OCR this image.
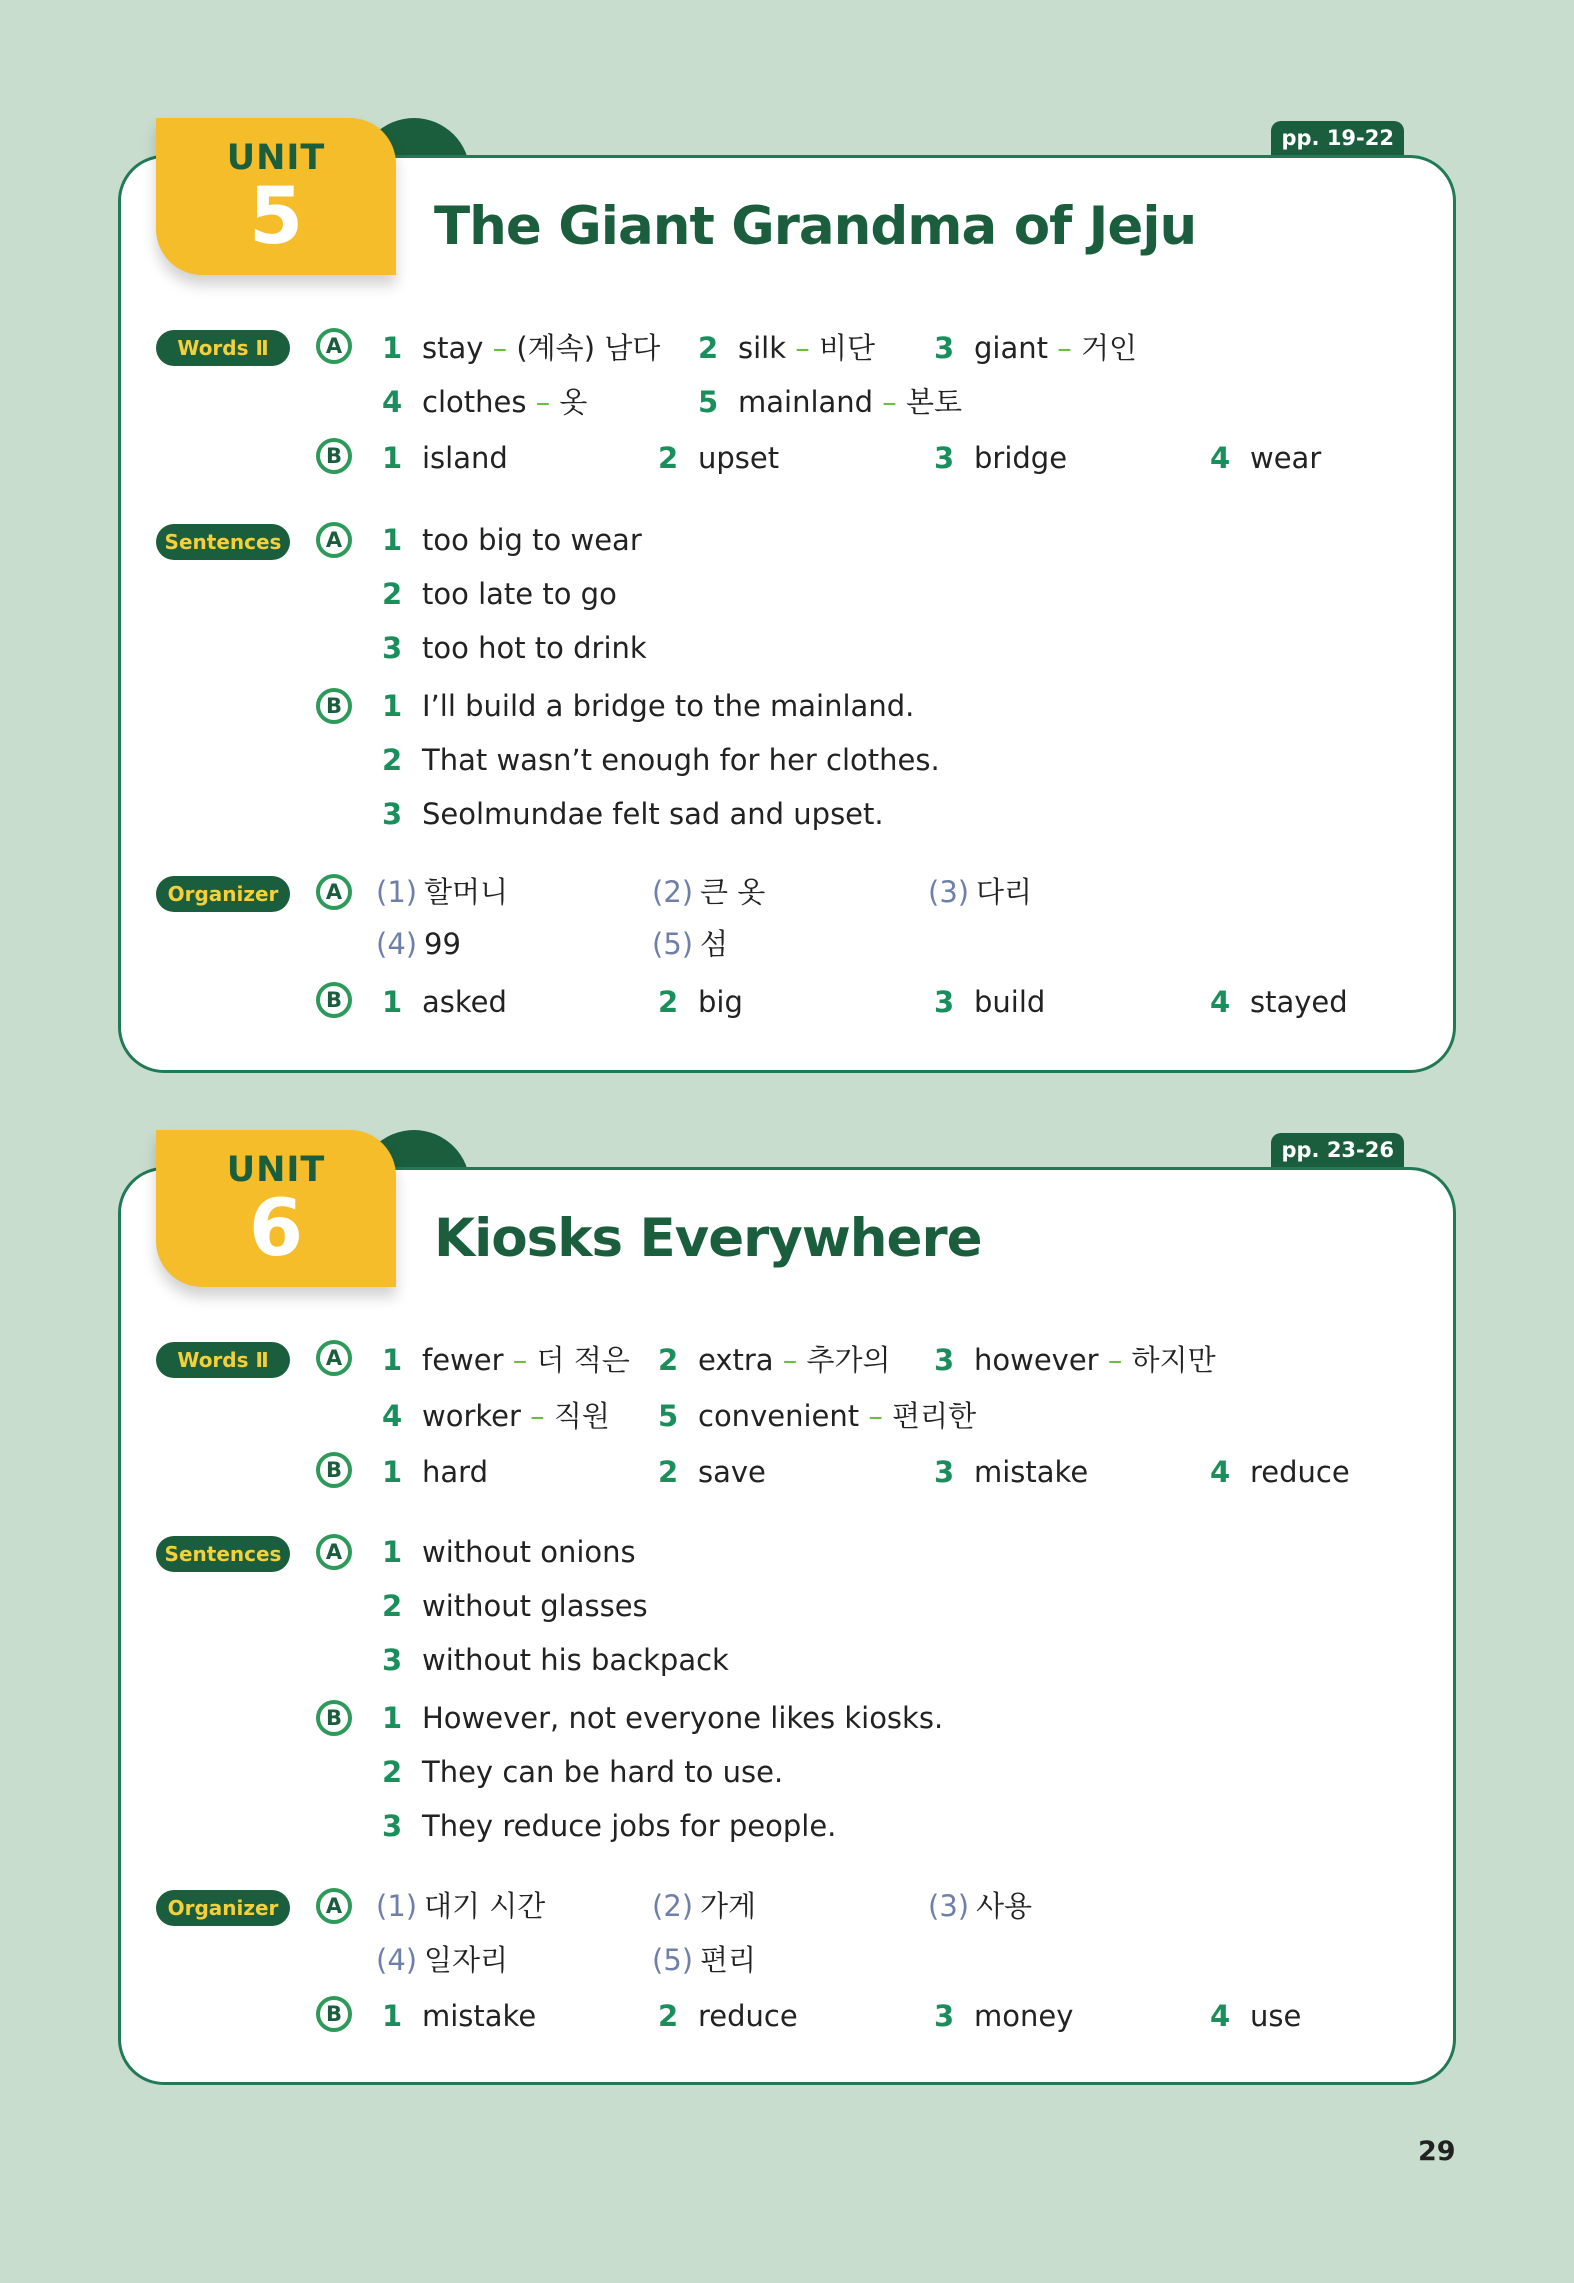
UNIT
5
pp. 19-22
The Giant Grandma of Jeju
Words Ⅱ	A	1 stay – (계속) 남다 2 silk – 비단 3 giant – 거인
4 clothes – 옷	5 mainland – 본토
B	1 island	2 upset	3 bridge	4 wear
Sentences	A	1 too big to wear
2 too late to go
3 too hot to drink
B	1 I’ll build a bridge to the mainland.
2 That wasn’t enough for her clothes.
3 Seolmundae felt sad and upset.
Organizer	A	(1) 할머니	(2) 큰 옷	(3) 다리
(4) 99	(5) 섬
B	1 asked	2 big	3 build	4 stayed
UNIT
6
pp. 23-26
Kiosks Everywhere
Words Ⅱ	A	1 fewer – 더 적은 2 extra – 추가의 3 however – 하지만
4 worker – 직원 5 convenient – 편리한
B	1 hard	2 save	3 mistake	4 reduce
Sentences	A	1 without onions
2 without glasses
3 without his backpack
B	1 However, not everyone likes kiosks.
2 They can be hard to use.
3 They reduce jobs for people.
Organizer	A	(1) 대기 시간	(2) 가게	(3) 사용
(4) 일자리	(5) 편리
B	1 mistake	2 reduce	3 money	4 use
29
